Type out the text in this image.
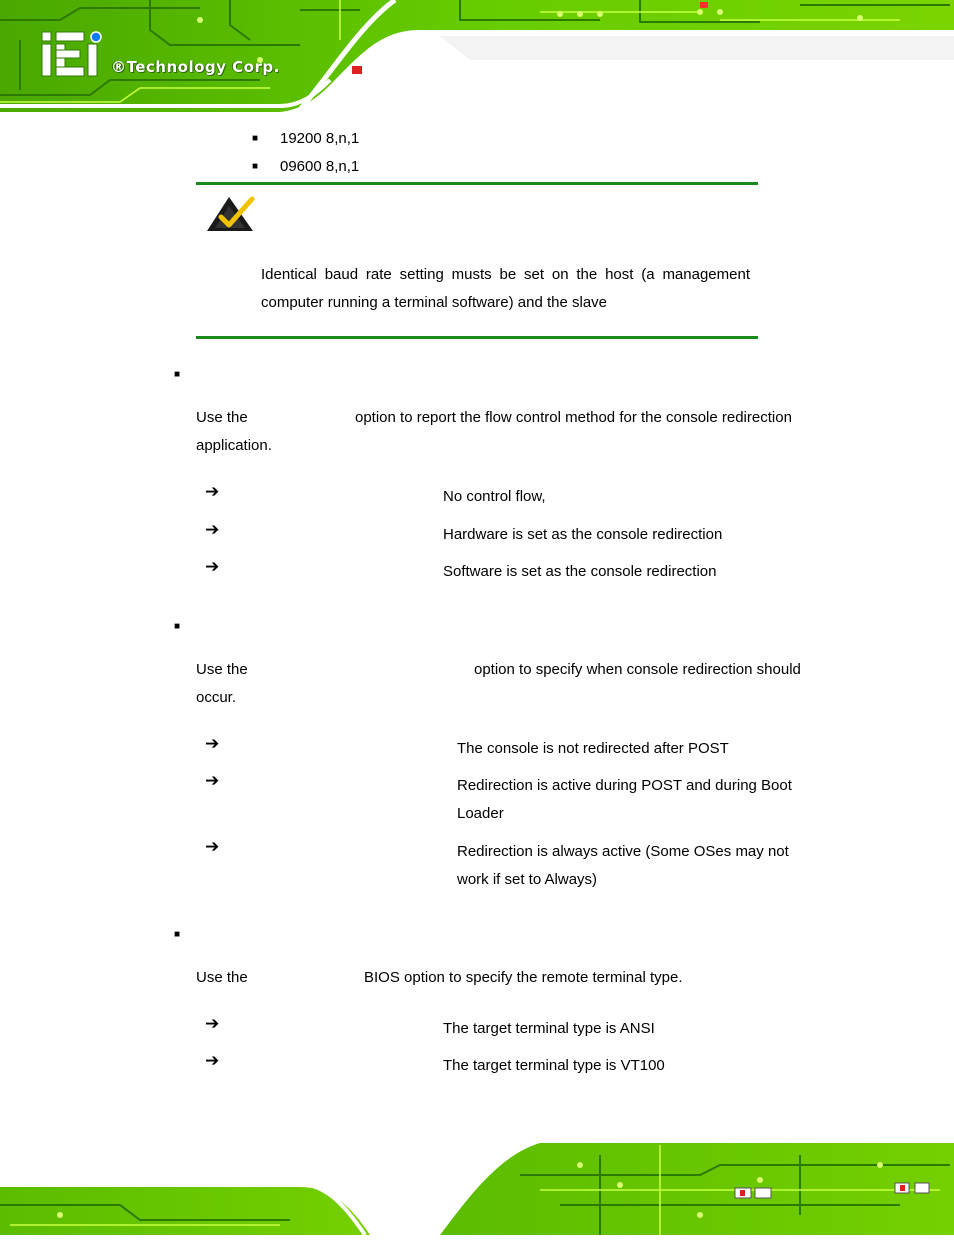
®Technology Corp.
■ 19200 8,n,1
■ 09600 8,n,1
Identical baud rate setting musts be set on the host (a management computer running a terminal software) and the slave
■
Use the	option to report the flow control method for the console redirection
application.
➔	No control flow,
➔	Hardware is set as the console redirection
➔	Software is set as the console redirection
■
Use the	option to specify when console redirection should
occur.
➔	The console is not redirected after POST
➔	Redirection is active during POST and during Boot
Loader
➔	Redirection is always active (Some OSes may not
work if set to Always)
■
Use the	BIOS option to specify the remote terminal type.
➔	The target terminal type is ANSI
➔	The target terminal type is VT100
